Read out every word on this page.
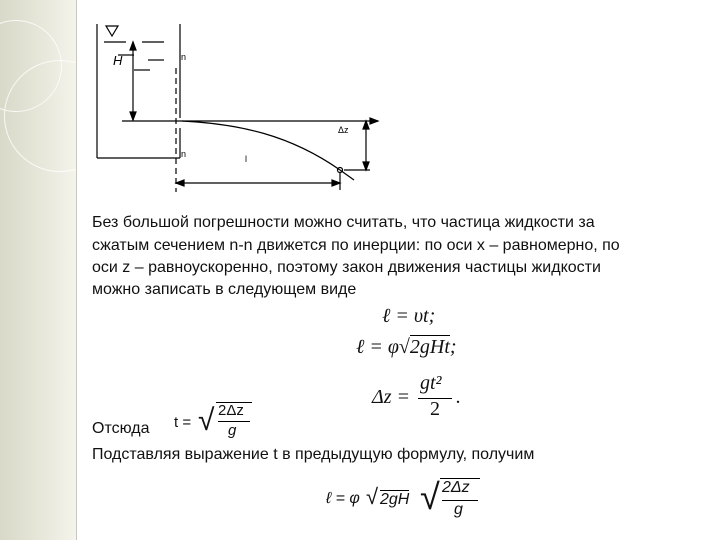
H	n
n
Δz
l
Без большой погрешности можно считать, что частица жидкости за
сжатым сечением n-n движется по инерции: по оси x – равномерно, по
оси z – равноускоренно, поэтому закон движения частицы жидкости
можно записать в следующем виде
ℓ = υt;
ℓ = φ√2gHt;
Δz =
gt²
2
.
Отсюда t = √ 2Δz
g
Подставляя выражение t в предыдущую формулу, получим
ℓ = φ √ 2gH √ 2Δz
g
